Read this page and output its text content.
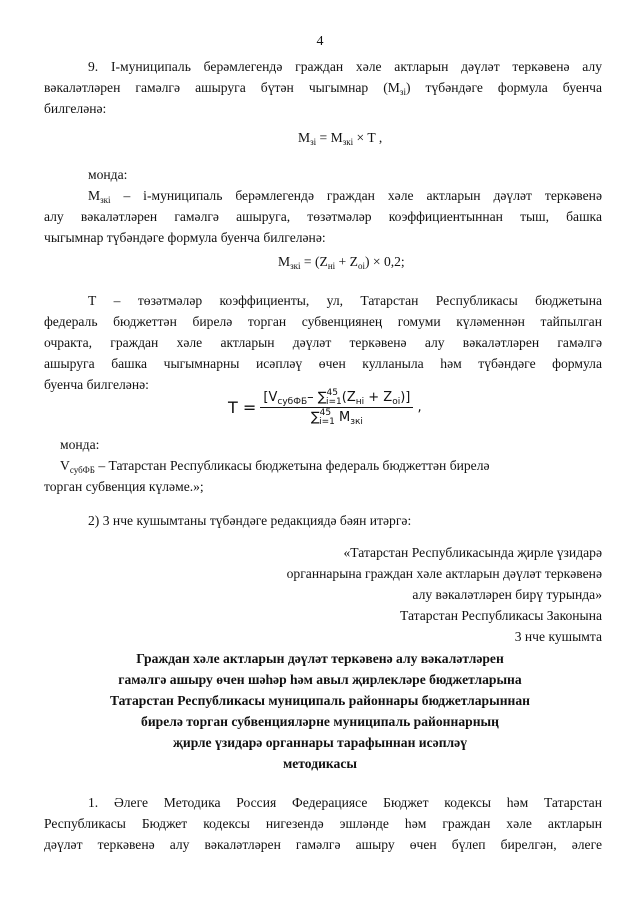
4
9. I-муниципаль берәмлегендә граждан хәле актларын дәүләт теркәвенә алу
вәкаләтләрен гамәлгә ашыруга бүтән чыгымнар $(М_{зi})$ түбәндәге формула буенча
билгеләнә:
$М_{зi} = М_{зкi} \times T$ ,
монда:
$М_{зкi}$ – i-муниципаль берәмлегендә граждан хәле актларын дәүләт теркәвенә
алу вәкаләтләрен гамәлгә ашыруга, төзәтмәләр коэффициентыннан тыш, башка
чыгымнар түбәндәге формула буенча билгеләнә:
$М_{зкi} = (Z_{нi} + Z_{оi}) \times 0,2$;
Т – төзәтмәләр коэффициенты, ул, Татарстан Республикасы бюджетына
федераль бюджеттән бирелә торган субвенциянең гомуми күләменнән тайпылган
очракта, граждан хәле актларын дәүләт теркәвенә алу вәкаләтләрен гамәлгә
ашыруга башка чыгымнарны исәпләү өчен кулланыла һәм түбәндәге формула
буенча билгеләнә:
$Т = \frac{[V_{субФБ}- \sum^{45}_{i=1}(Z_{нi} + Z_{оi})]}{\sum^{45}_{i=1} М_{зкi}}$ ,
монда:
$V_{субФБ}$ – Татарстан Республикасы бюджетына федераль бюджеттән бирелә
торган субвенция күләме.»;
2) 3 нче кушымтаны түбәндәге редакциядә бәян итәргә:
«Татарстан Республикасында җирле үзидарә
органнарына граждан хәле актларын дәүләт теркәвенә
алу вәкаләтләрен бирү турында»
Татарстан Республикасы Законына
3 нче кушымта
Граждан хәле актларын дәүләт теркәвенә алу вәкаләтләрен
гамәлгә ашыру өчен шәһәр һәм авыл җирлекләре бюджетларына
Татарстан Республикасы муниципаль районнары бюджетларыннан
бирелә торган субвенцияләрне муниципаль районнарның
җирле үзидарә органнары тарафыннан исәпләү
методикасы
1. Әлеге Методика Россия Федерациясе Бюджет кодексы һәм Татарстан
Республикасы Бюджет кодексы нигезендә эшләнде һәм граждан хәле актларын
дәүләт теркәвенә алу вәкаләтләрен гамәлгә ашыру өчен бүлеп бирелгән, әлеге
